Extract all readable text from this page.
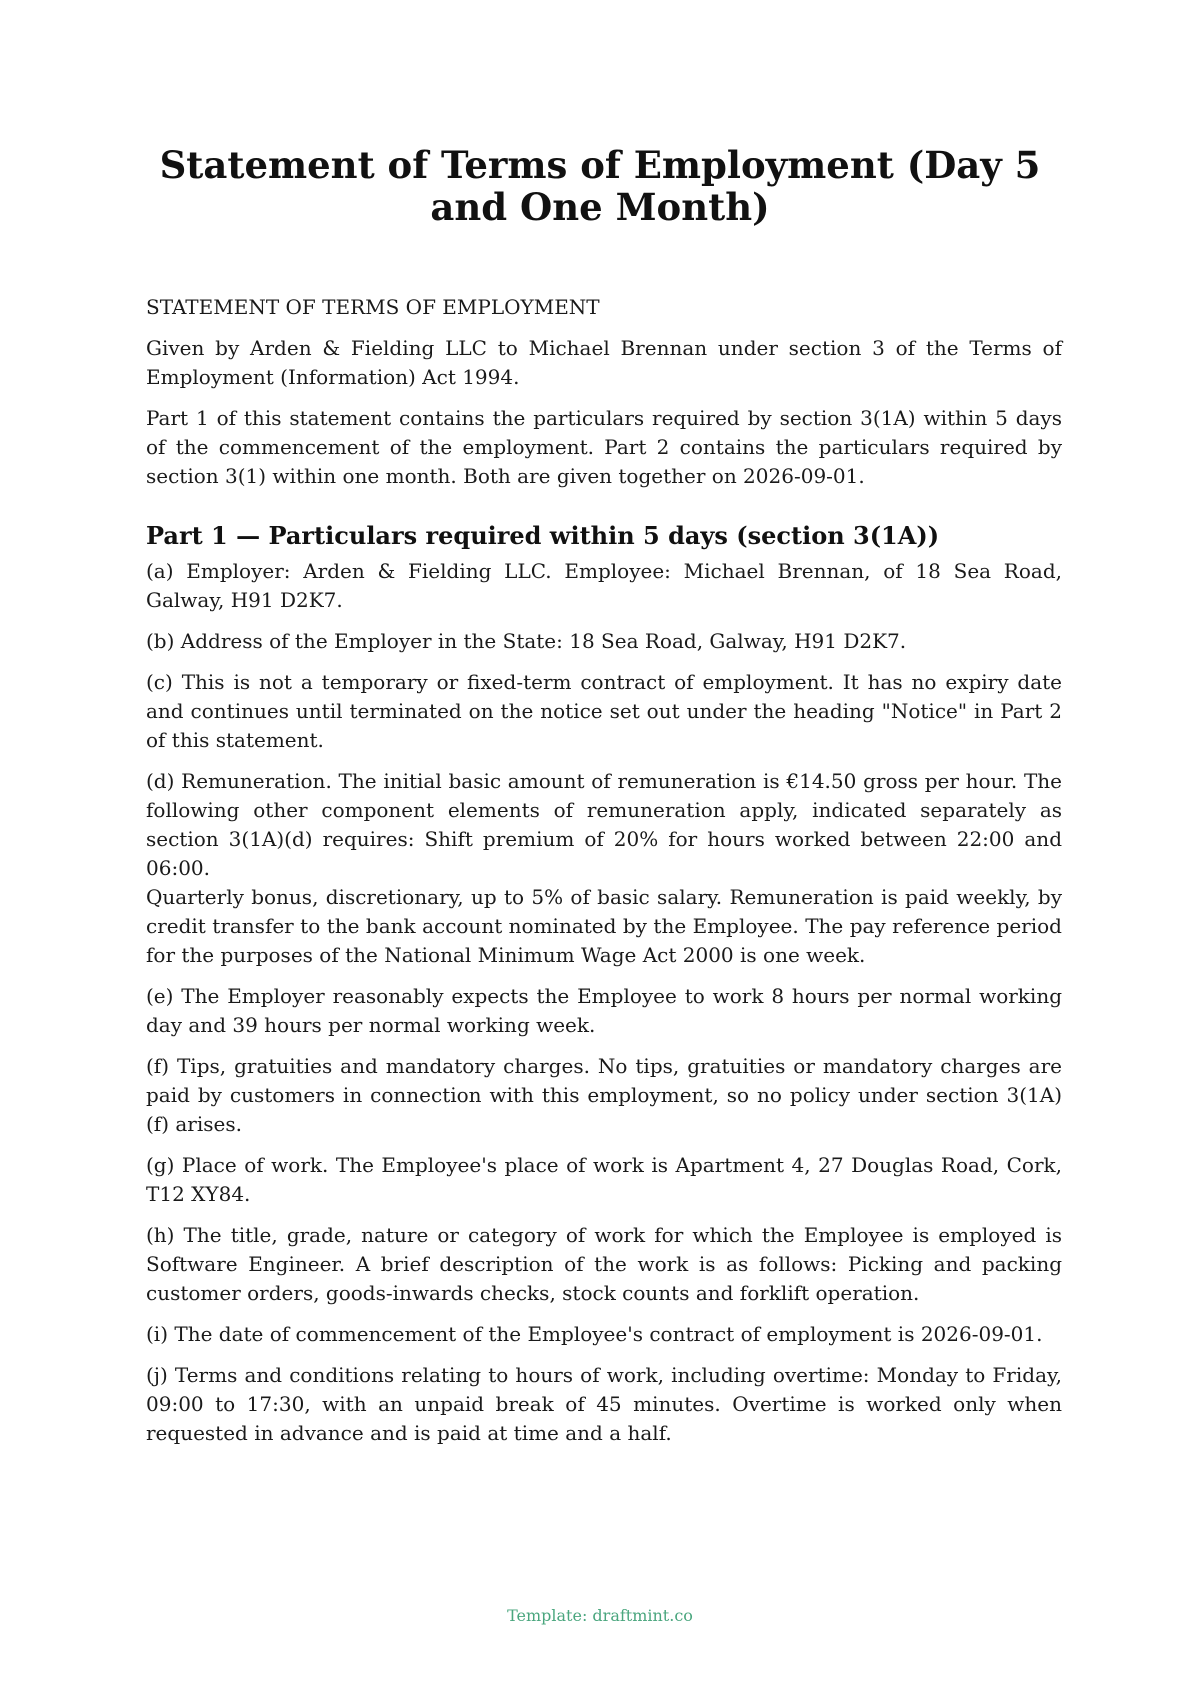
Statement of Terms of Employment (Day 5 and One Month)

STATEMENT OF TERMS OF EMPLOYMENT

Given by Arden & Fielding LLC to Michael Brennan under section 3 of the Terms of Employment (Information) Act 1994.

Part 1 of this statement contains the particulars required by section 3(1A) within 5 days of the commencement of the employment. Part 2 contains the particulars required by section 3(1) within one month. Both are given together on 2026-09-01.

Part 1 — Particulars required within 5 days (section 3(1A))

(a) Employer: Arden & Fielding LLC. Employee: Michael Brennan, of 18 Sea Road, Galway, H91 D2K7.

(b) Address of the Employer in the State: 18 Sea Road, Galway, H91 D2K7.

(c) This is not a temporary or fixed-term contract of employment. It has no expiry date and continues until terminated on the notice set out under the heading "Notice" in Part 2 of this statement.

(d) Remuneration. The initial basic amount of remuneration is €14.50 gross per hour. The following other component elements of remuneration apply, indicated separately as section 3(1A)(d) requires: Shift premium of 20% for hours worked between 22:00 and 06:00.

Quarterly bonus, discretionary, up to 5% of basic salary. Remuneration is paid weekly, by credit transfer to the bank account nominated by the Employee. The pay reference period for the purposes of the National Minimum Wage Act 2000 is one week.

(e) The Employer reasonably expects the Employee to work 8 hours per normal working day and 39 hours per normal working week.

(f) Tips, gratuities and mandatory charges. No tips, gratuities or mandatory charges are paid by customers in connection with this employment, so no policy under section 3(1A)(f) arises.

(g) Place of work. The Employee's place of work is Apartment 4, 27 Douglas Road, Cork, T12 XY84.

(h) The title, grade, nature or category of work for which the Employee is employed is Software Engineer. A brief description of the work is as follows: Picking and packing customer orders, goods-inwards checks, stock counts and forklift operation.

(i) The date of commencement of the Employee's contract of employment is 2026-09-01.

(j) Terms and conditions relating to hours of work, including overtime: Monday to Friday, 09:00 to 17:30, with an unpaid break of 45 minutes. Overtime is worked only when requested in advance and is paid at time and a half.

Template: draftmint.co
